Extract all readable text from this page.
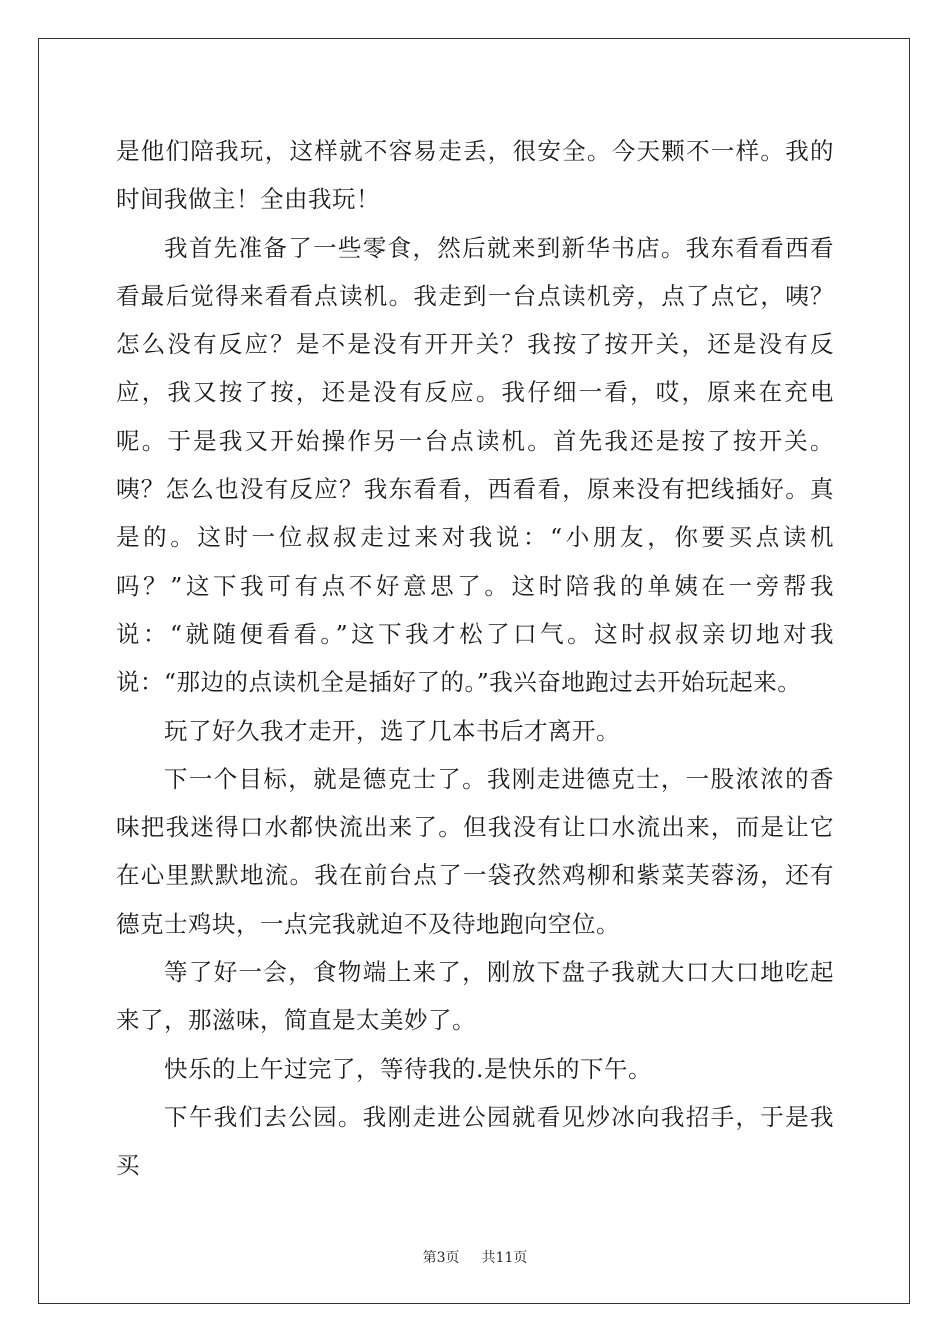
是他们陪我玩，这样就不容易走丢，很安全。今天颗不一样。我的时间我做主！全由我玩！

我首先准备了一些零食，然后就来到新华书店。我东看看西看看最后觉得来看看点读机。我走到一台点读机旁，点了点它，咦？怎么没有反应？是不是没有开开关？我按了按开关，还是没有反应，我又按了按，还是没有反应。我仔细一看，哎，原来在充电呢。于是我又开始操作另一台点读机。首先我还是按了按开关。咦？怎么也没有反应？我东看看，西看看，原来没有把线插好。真是的。这时一位叔叔走过来对我说：“小朋友，你要买点读机吗？”这下我可有点不好意思了。这时陪我的单姨在一旁帮我说：“就随便看看。”这下我才松了口气。这时叔叔亲切地对我说：“那边的点读机全是插好了的。”我兴奋地跑过去开始玩起来。

玩了好久我才走开，选了几本书后才离开。

下一个目标，就是德克士了。我刚走进德克士，一股浓浓的香味把我迷得口水都快流出来了。但我没有让口水流出来，而是让它在心里默默地流。我在前台点了一袋孜然鸡柳和紫菜芙蓉汤，还有德克士鸡块，一点完我就迫不及待地跑向空位。

等了好一会，食物端上来了，刚放下盘子我就大口大口地吃起来了，那滋味，简直是太美妙了。

快乐的上午过完了，等待我的.是快乐的下午。

下午我们去公园。我刚走进公园就看见炒冰向我招手，于是我买

第3页 共11页
